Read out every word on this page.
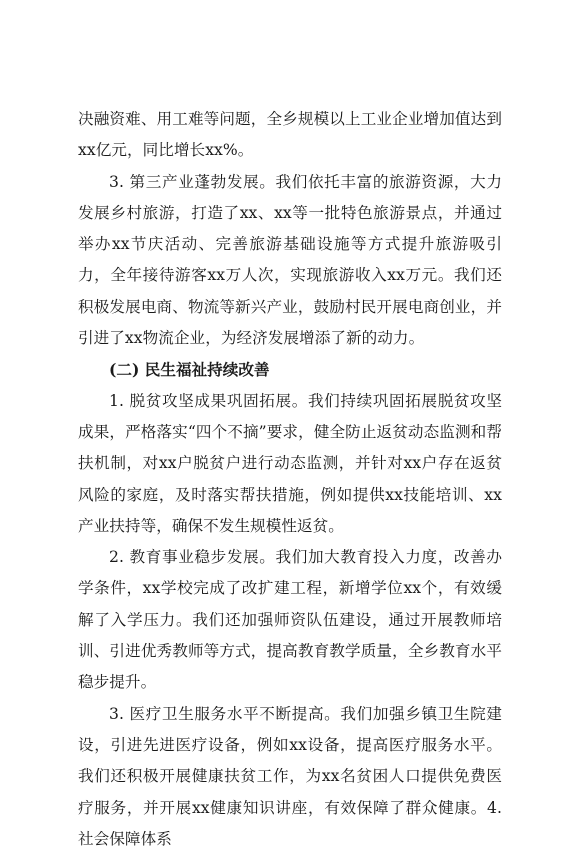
决融资难、用工难等问题，全乡规模以上工业企业增加值达到xx亿元，同比增长xx%。

3. 第三产业蓬勃发展。我们依托丰富的旅游资源，大力发展乡村旅游，打造了xx、xx等一批特色旅游景点，并通过举办xx节庆活动、完善旅游基础设施等方式提升旅游吸引力，全年接待游客xx万人次，实现旅游收入xx万元。我们还积极发展电商、物流等新兴产业，鼓励村民开展电商创业，并引进了xx物流企业，为经济发展增添了新的动力。

(二) 民生福祉持续改善

1. 脱贫攻坚成果巩固拓展。我们持续巩固拓展脱贫攻坚成果，严格落实“四个不摘”要求，健全防止返贫动态监测和帮扶机制，对xx户脱贫户进行动态监测，并针对xx户存在返贫风险的家庭，及时落实帮扶措施，例如提供xx技能培训、xx产业扶持等，确保不发生规模性返贫。

2. 教育事业稳步发展。我们加大教育投入力度，改善办学条件，xx学校完成了改扩建工程，新增学位xx个，有效缓解了入学压力。我们还加强师资队伍建设，通过开展教师培训、引进优秀教师等方式，提高教育教学质量，全乡教育水平稳步提升。

3. 医疗卫生服务水平不断提高。我们加强乡镇卫生院建设，引进先进医疗设备，例如xx设备，提高医疗服务水平。我们还积极开展健康扶贫工作，为xx名贫困人口提供免费医疗服务，并开展xx健康知识讲座，有效保障了群众健康。4. 社会保障体系
